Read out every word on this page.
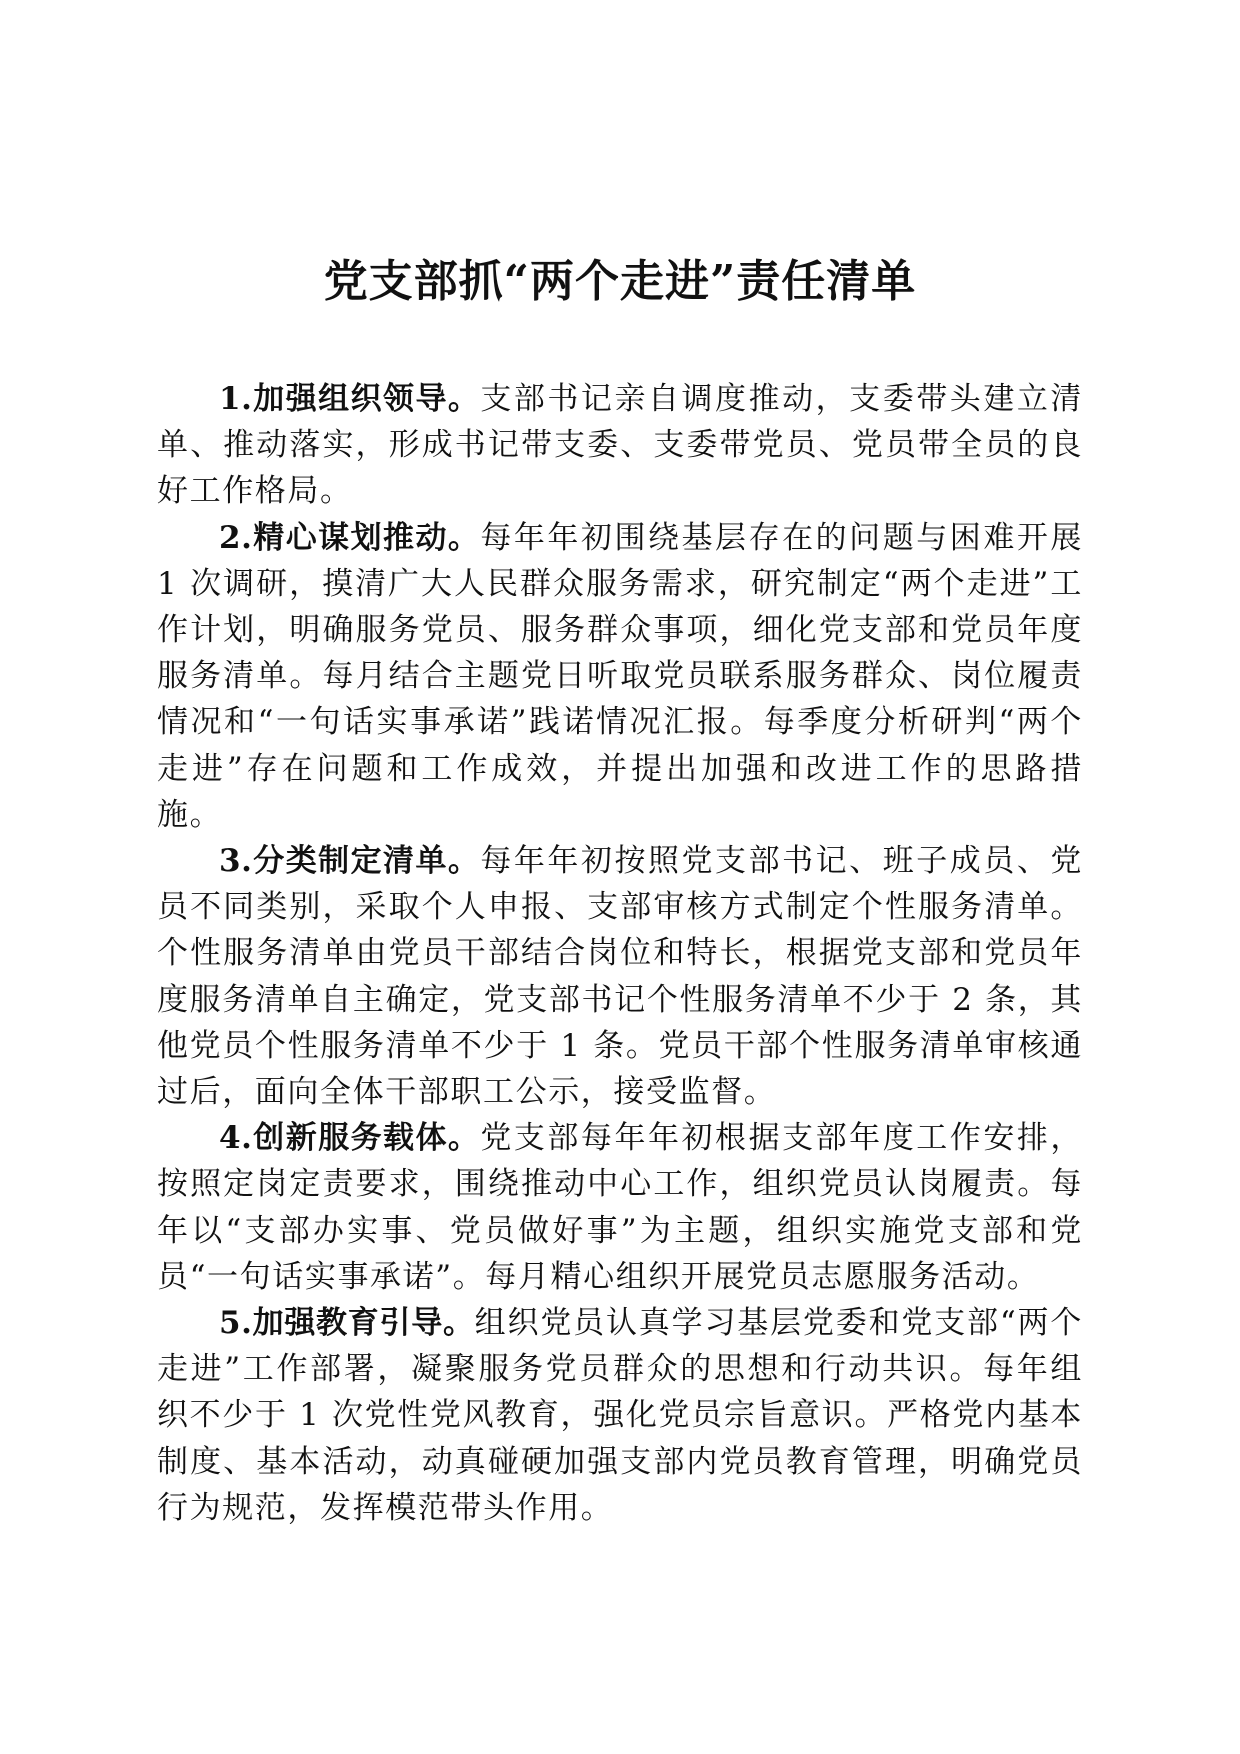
党支部抓“两个走进”责任清单

1.加强组织领导。支部书记亲自调度推动，支委带头建立清单、推动落实，形成书记带支委、支委带党员、党员带全员的良好工作格局。

2.精心谋划推动。每年年初围绕基层存在的问题与困难开展 1 次调研，摸清广大人民群众服务需求，研究制定“两个走进”工作计划，明确服务党员、服务群众事项，细化党支部和党员年度服务清单。每月结合主题党日听取党员联系服务群众、岗位履责情况和“一句话实事承诺”践诺情况汇报。每季度分析研判“两个走进”存在问题和工作成效，并提出加强和改进工作的思路措施。

3.分类制定清单。每年年初按照党支部书记、班子成员、党员不同类别，采取个人申报、支部审核方式制定个性服务清单。个性服务清单由党员干部结合岗位和特长，根据党支部和党员年度服务清单自主确定，党支部书记个性服务清单不少于 2 条，其他党员个性服务清单不少于 1 条。党员干部个性服务清单审核通过后，面向全体干部职工公示，接受监督。

4.创新服务载体。党支部每年年初根据支部年度工作安排，按照定岗定责要求，围绕推动中心工作，组织党员认岗履责。每年以“支部办实事、党员做好事”为主题，组织实施党支部和党员“一句话实事承诺”。每月精心组织开展党员志愿服务活动。

5.加强教育引导。组织党员认真学习基层党委和党支部“两个走进”工作部署，凝聚服务党员群众的思想和行动共识。每年组织不少于 1 次党性党风教育，强化党员宗旨意识。严格党内基本制度、基本活动，动真碰硬加强支部内党员教育管理，明确党员行为规范，发挥模范带头作用。
